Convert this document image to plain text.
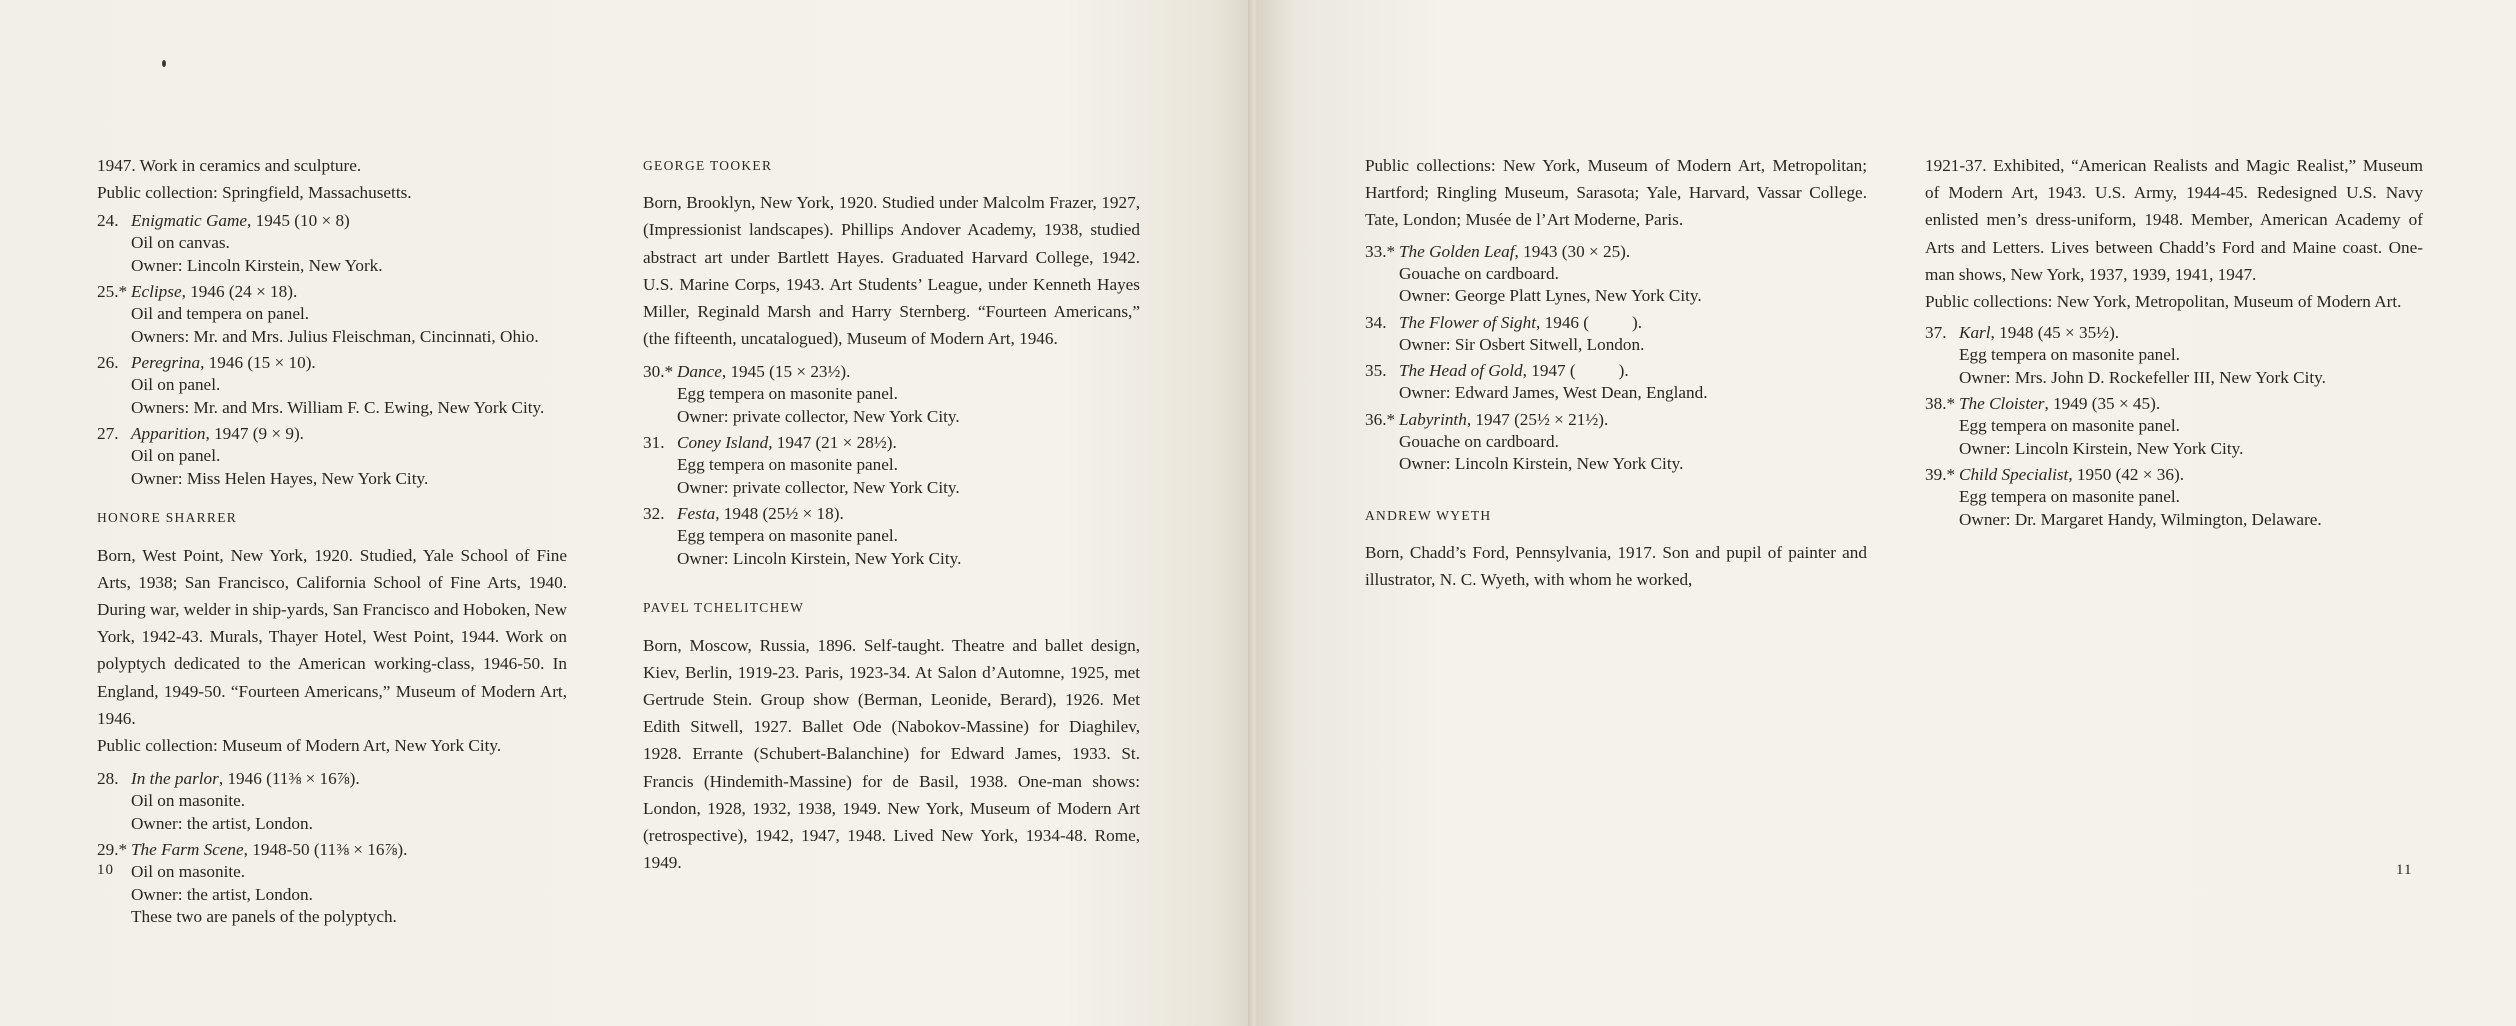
1947. Work in ceramics and sculpture.

Public collection: Springfield, Massachusetts.

24. Enigmatic Game, 1945 (10 × 8)
Oil on canvas.
Owner: Lincoln Kirstein, New York.
25.* Eclipse, 1946 (24 × 18).
Oil and tempera on panel.
Owners: Mr. and Mrs. Julius Fleischman, Cincinnati, Ohio.
26. Peregrina, 1946 (15 × 10).
Oil on panel.
Owners: Mr. and Mrs. William F. C. Ewing, New York City.
27. Apparition, 1947 (9 × 9).
Oil on panel.
Owner: Miss Helen Hayes, New York City.

HONORE SHARRER

Born, West Point, New York, 1920. Studied, Yale School of Fine Arts, 1938; San Francisco, California School of Fine Arts, 1940. During war, welder in ship-yards, San Francisco and Hoboken, New York, 1942-43. Murals, Thayer Hotel, West Point, 1944. Work on polyptych dedicated to the American working-class, 1946-50. In England, 1949-50. “Fourteen Americans,” Museum of Modern Art, 1946.

Public collection: Museum of Modern Art, New York City.

28. In the parlor, 1946 (11⅜ × 16⅞).
Oil on masonite.
Owner: the artist, London.
29.* The Farm Scene, 1948-50 (11⅜ × 16⅞).
Oil on masonite.
Owner: the artist, London.
These two are panels of the polyptych.

GEORGE TOOKER

Born, Brooklyn, New York, 1920. Studied under Malcolm Frazer, 1927, (Impressionist landscapes). Phillips Andover Academy, 1938, studied abstract art under Bartlett Hayes. Graduated Harvard College, 1942. U.S. Marine Corps, 1943. Art Students’ League, under Kenneth Hayes Miller, Reginald Marsh and Harry Sternberg. “Fourteen Americans,” (the fifteenth, uncatalogued), Museum of Modern Art, 1946.

30.* Dance, 1945 (15 × 23½).
Egg tempera on masonite panel.
Owner: private collector, New York City.
31. Coney Island, 1947 (21 × 28½).
Egg tempera on masonite panel.
Owner: private collector, New York City.
32. Festa, 1948 (25½ × 18).
Egg tempera on masonite panel.
Owner: Lincoln Kirstein, New York City.

PAVEL TCHELITCHEW

Born, Moscow, Russia, 1896. Self-taught. Theatre and ballet design, Kiev, Berlin, 1919-23. Paris, 1923-34. At Salon d’Automne, 1925, met Gertrude Stein. Group show (Berman, Leonide, Berard), 1926. Met Edith Sitwell, 1927. Ballet Ode (Nabokov-Massine) for Diaghilev, 1928. Errante (Schubert-Balanchine) for Edward James, 1933. St. Francis (Hindemith-Massine) for de Basil, 1938. One-man shows: London, 1928, 1932, 1938, 1949. New York, Museum of Modern Art (retrospective), 1942, 1947, 1948. Lived New York, 1934-48. Rome, 1949.

10

Public collections: New York, Museum of Modern Art, Metropolitan; Hartford; Ringling Museum, Sarasota; Yale, Harvard, Vassar College. Tate, London; Musée de l’Art Moderne, Paris.

33.* The Golden Leaf, 1943 (30 × 25).
Gouache on cardboard.
Owner: George Platt Lynes, New York City.
34. The Flower of Sight, 1946 (          ).
Owner: Sir Osbert Sitwell, London.
35. The Head of Gold, 1947 (          ).
Owner: Edward James, West Dean, England.
36.* Labyrinth, 1947 (25½ × 21½).
Gouache on cardboard.
Owner: Lincoln Kirstein, New York City.

ANDREW WYETH

Born, Chadd’s Ford, Pennsylvania, 1917. Son and pupil of painter and illustrator, N. C. Wyeth, with whom he worked,

1921-37. Exhibited, “American Realists and Magic Realist,” Museum of Modern Art, 1943. U.S. Army, 1944-45. Redesigned U.S. Navy enlisted men’s dress-uniform, 1948. Member, American Academy of Arts and Letters. Lives between Chadd’s Ford and Maine coast. One-man shows, New York, 1937, 1939, 1941, 1947.

Public collections: New York, Metropolitan, Museum of Modern Art.

37. Karl, 1948 (45 × 35½).
Egg tempera on masonite panel.
Owner: Mrs. John D. Rockefeller III, New York City.
38.* The Cloister, 1949 (35 × 45).
Egg tempera on masonite panel.
Owner: Lincoln Kirstein, New York City.
39.* Child Specialist, 1950 (42 × 36).
Egg tempera on masonite panel.
Owner: Dr. Margaret Handy, Wilmington, Delaware.
11
